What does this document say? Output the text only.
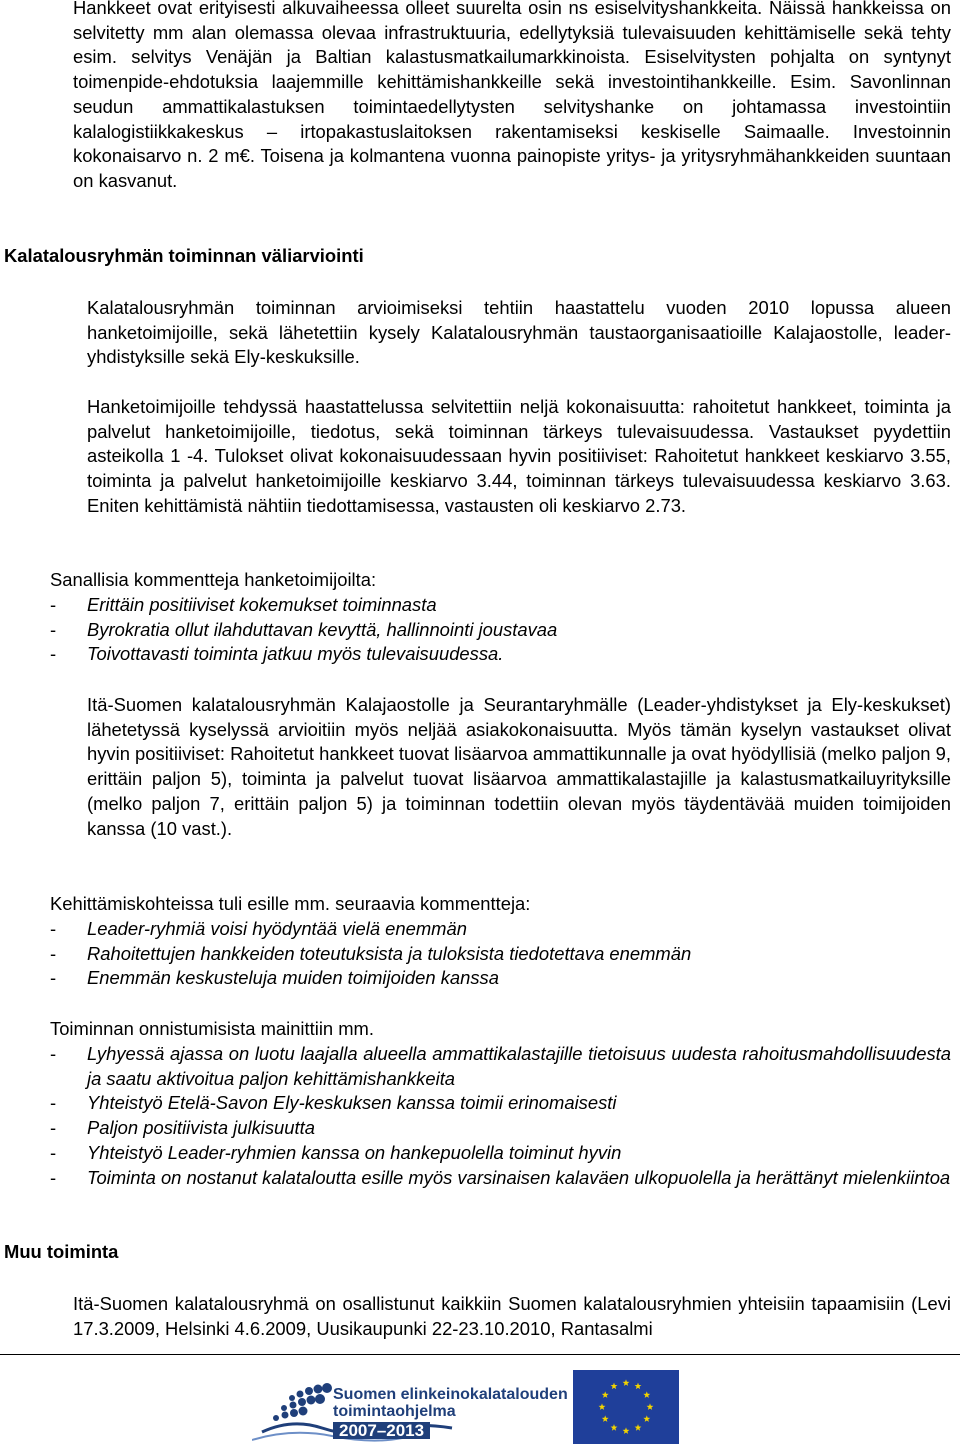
Hankkeet ovat erityisesti alkuvaiheessa olleet suurelta osin ns esiselvityshankkeita. Näissä hankkeissa on selvitetty mm alan olemassa olevaa infrastruktuuria, edellytyksiä tulevaisuuden kehittämiselle sekä tehty esim. selvitys Venäjän ja Baltian kalastusmatkailumarkkinoista. Esiselvitysten pohjalta on syntynyt toimenpide-ehdotuksia laajemmille kehittämishankkeille sekä investointihankkeille. Esim. Savonlinnan seudun ammattikalastuksen toimintaedellytysten selvityshanke on johtamassa investointiin kalalogistiikkakeskus – irtopakastuslaitoksen rakentamiseksi keskiselle Saimaalle. Investoinnin kokonaisarvo n. 2 m€. Toisena ja kolmantena vuonna painopiste yritys- ja yritysryhmähankkeiden suuntaan on kasvanut.

Kalatalousryhmän toiminnan väliarviointi

Kalatalousryhmän toiminnan arvioimiseksi tehtiin haastattelu vuoden 2010 lopussa alueen hanketoimijoille, sekä lähetettiin kysely Kalatalousryhmän taustaorganisaatioille Kalajaostolle, leader-yhdistyksille sekä Ely-keskuksille.

Hanketoimijoille tehdyssä haastattelussa selvitettiin neljä kokonaisuutta: rahoitetut hankkeet, toiminta ja palvelut hanketoimijoille, tiedotus, sekä toiminnan tärkeys tulevaisuudessa. Vastaukset pyydettiin asteikolla 1 -4. Tulokset olivat kokonaisuudessaan hyvin positiiviset: Rahoitetut hankkeet keskiarvo 3.55, toiminta ja palvelut hanketoimijoille keskiarvo 3.44, toiminnan tärkeys tulevaisuudessa keskiarvo 3.63. Eniten kehittämistä nähtiin tiedottamisessa, vastausten oli keskiarvo 2.73.

Sanallisia kommentteja hanketoimijoilta:

- Erittäin positiiviset kokemukset toiminnasta
- Byrokratia ollut ilahduttavan kevyttä, hallinnointi joustavaa
- Toivottavasti toiminta jatkuu myös tulevaisuudessa.

Itä-Suomen kalatalousryhmän Kalajaostolle ja Seurantaryhmälle (Leader-yhdistykset ja Ely-keskukset) lähetetyssä kyselyssä arvioitiin myös neljää asiakokonaisuutta. Myös tämän kyselyn vastaukset olivat hyvin positiiviset: Rahoitetut hankkeet tuovat lisäarvoa ammattikunnalle ja ovat hyödyllisiä (melko paljon 9, erittäin paljon 5), toiminta ja palvelut tuovat lisäarvoa ammattikalastajille ja kalastusmatkailuyrityksille (melko paljon 7, erittäin paljon 5) ja toiminnan todettiin olevan myös täydentävää muiden toimijoiden kanssa (10 vast.).

Kehittämiskohteissa tuli esille mm. seuraavia kommentteja:

- Leader-ryhmiä voisi hyödyntää vielä enemmän
- Rahoitettujen hankkeiden toteutuksista ja tuloksista tiedotettava enemmän
- Enemmän keskusteluja muiden toimijoiden kanssa

Toiminnan onnistumisista mainittiin mm.

- Lyhyessä ajassa on luotu laajalla alueella ammattikalastajille tietoisuus uudesta rahoitusmahdollisuudesta ja saatu aktivoitua paljon kehittämishankkeita
- Yhteistyö Etelä-Savon Ely-keskuksen kanssa toimii erinomaisesti
- Paljon positiivista julkisuutta
- Yhteistyö Leader-ryhmien kanssa on hankepuolella toiminut hyvin
- Toiminta on nostanut kalataloutta esille myös varsinaisen kalaväen ulkopuolella ja herättänyt mielenkiintoa
Muu toiminta

Itä-Suomen kalatalousryhmä on osallistunut kaikkiin Suomen kalatalousryhmien yhteisiin tapaamisiin (Levi 17.3.2009, Helsinki 4.6.2009, Uusikaupunki 22-23.10.2010, Rantasalmi

Suomen elinkeinokalatalouden
toimintaohjelma
2007–2013
